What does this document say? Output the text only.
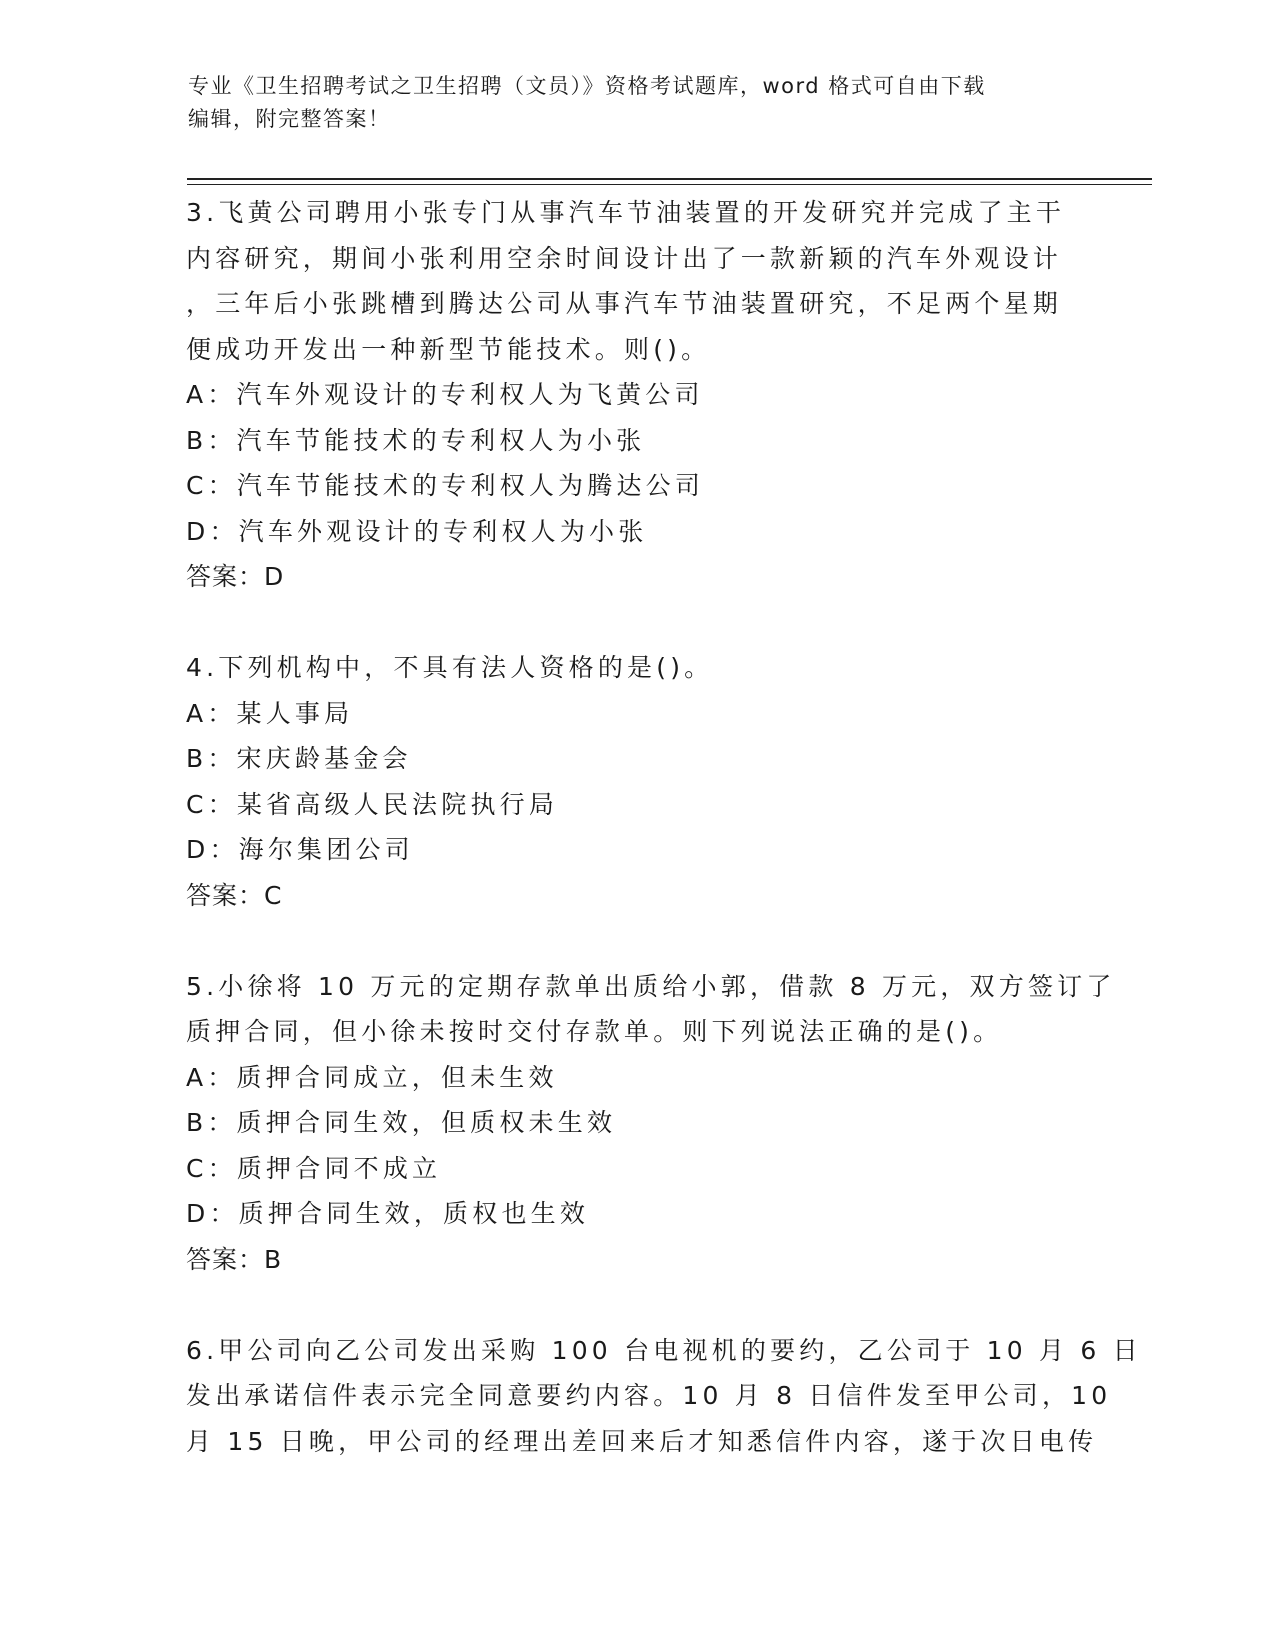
专业《卫生招聘考试之卫生招聘（文员）》资格考试题库，word 格式可自由下载
编辑，附完整答案！
3.飞黄公司聘用小张专门从事汽车节油装置的开发研究并完成了主干
内容研究，期间小张利用空余时间设计出了一款新颖的汽车外观设计
，三年后小张跳槽到腾达公司从事汽车节油装置研究，不足两个星期
便成功开发出一种新型节能技术。则()。
A：汽车外观设计的专利权人为飞黄公司
B：汽车节能技术的专利权人为小张
C：汽车节能技术的专利权人为腾达公司
D：汽车外观设计的专利权人为小张
答案：D
4.下列机构中，不具有法人资格的是()。
A：某人事局
B：宋庆龄基金会
C：某省高级人民法院执行局
D：海尔集团公司
答案：C
5.小徐将 10 万元的定期存款单出质给小郭，借款 8 万元，双方签订了
质押合同，但小徐未按时交付存款单。则下列说法正确的是()。
A：质押合同成立，但未生效
B：质押合同生效，但质权未生效
C：质押合同不成立
D：质押合同生效，质权也生效
答案：B
6.甲公司向乙公司发出采购 100 台电视机的要约，乙公司于 10 月 6 日
发出承诺信件表示完全同意要约内容。10 月 8 日信件发至甲公司，10
月 15 日晚，甲公司的经理出差回来后才知悉信件内容，遂于次日电传
